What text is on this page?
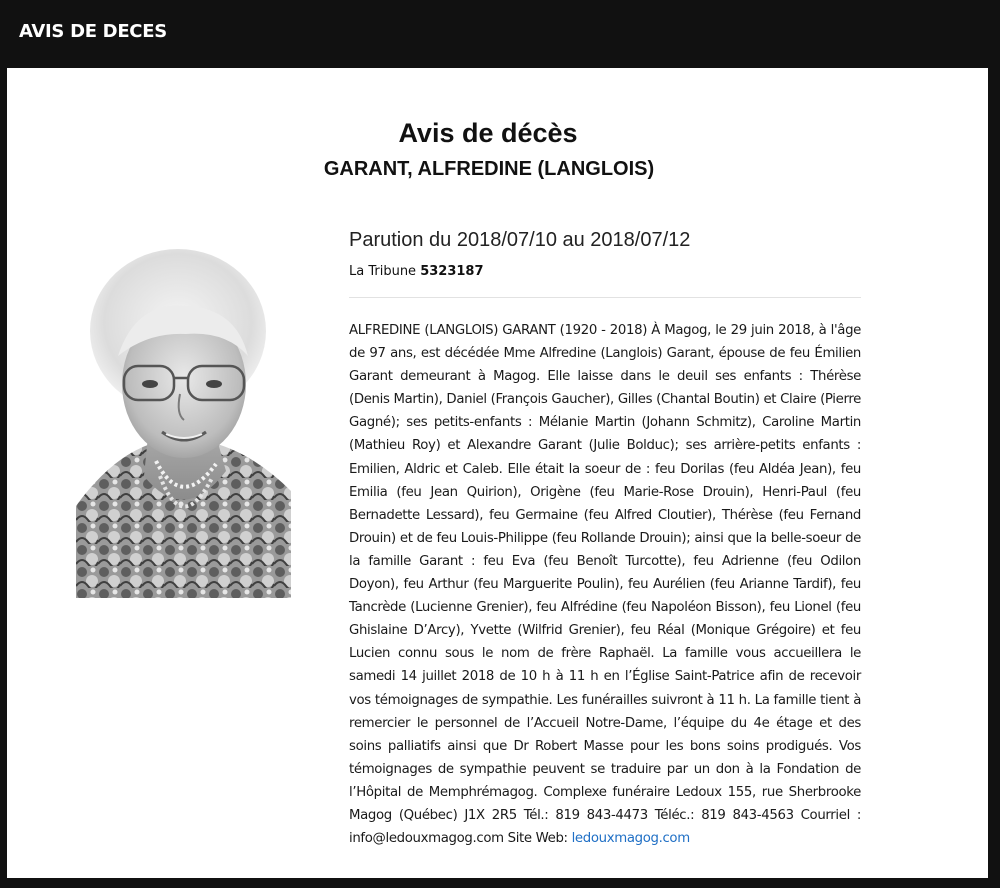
AVIS DE DECES
Avis de décès
GARANT, ALFREDINE (LANGLOIS)
Parution du 2018/07/10 au 2018/07/12
La Tribune 5323187
ALFREDINE (LANGLOIS) GARANT (1920 - 2018) À Magog, le 29 juin 2018, à l'âge de 97 ans, est décédée Mme Alfredine (Langlois) Garant, épouse de feu Émilien Garant demeurant à Magog. Elle laisse dans le deuil ses enfants : Thérèse (Denis Martin), Daniel (François Gaucher), Gilles (Chantal Boutin) et Claire (Pierre Gagné); ses petits-enfants : Mélanie Martin (Johann Schmitz), Caroline Martin (Mathieu Roy) et Alexandre Garant (Julie Bolduc); ses arrière-petits enfants : Emilien, Aldric et Caleb. Elle était la soeur de : feu Dorilas (feu Aldéa Jean), feu Emilia (feu Jean Quirion), Origène (feu Marie-Rose Drouin), Henri-Paul (feu Bernadette Lessard), feu Germaine (feu Alfred Cloutier), Thérèse (feu Fernand Drouin) et de feu Louis-Philippe (feu Rollande Drouin); ainsi que la belle-soeur de la famille Garant : feu Eva (feu Benoît Turcotte), feu Adrienne (feu Odilon Doyon), feu Arthur (feu Marguerite Poulin), feu Aurélien (feu Arianne Tardif), feu Tancrède (Lucienne Grenier), feu Alfrédine (feu Napoléon Bisson), feu Lionel (feu Ghislaine D’Arcy), Yvette (Wilfrid Grenier), feu Réal (Monique Grégoire) et feu Lucien connu sous le nom de frère Raphaël. La famille vous accueillera le samedi 14 juillet 2018 de 10 h à 11 h en l’Église Saint-Patrice afin de recevoir vos témoignages de sympathie. Les funérailles suivront à 11 h. La famille tient à remercier le personnel de l’Accueil Notre-Dame, l’équipe du 4e étage et des soins palliatifs ainsi que Dr Robert Masse pour les bons soins prodigués. Vos témoignages de sympathie peuvent se traduire par un don à la Fondation de l’Hôpital de Memphrémagog. Complexe funéraire Ledoux 155, rue Sherbrooke Magog (Québec) J1X 2R5 Tél.: 819 843-4473 Téléc.: 819 843-4563 Courriel : info@ledouxmagog.com Site Web: ledouxmagog.com
